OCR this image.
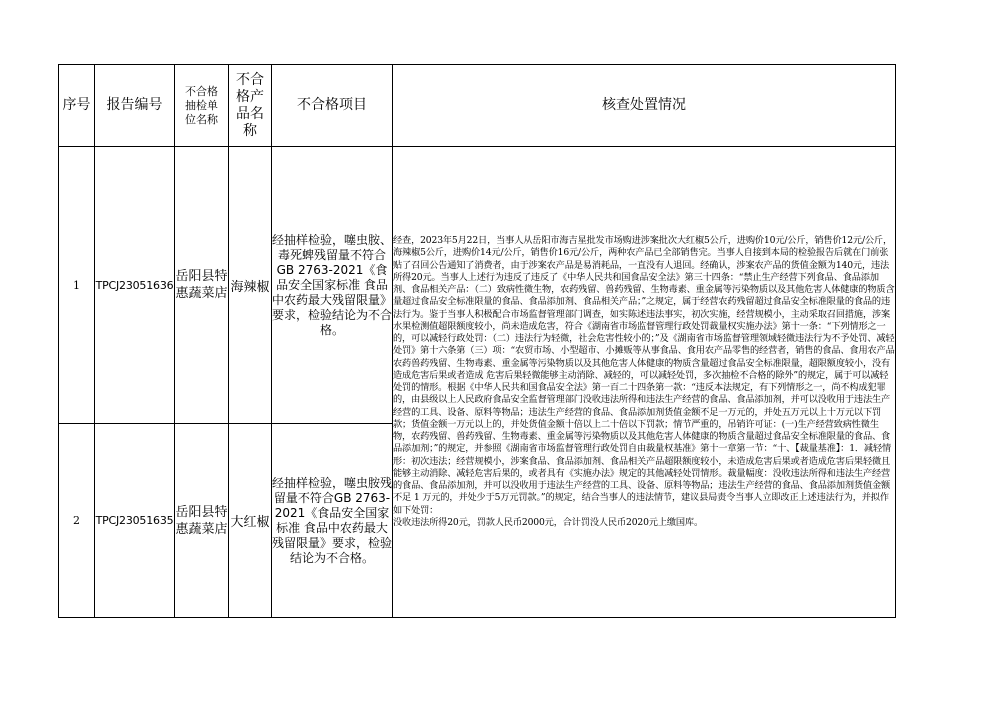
序号	报告编号	不合格抽检单位名称	不合格产品名称	不合格项目	核查处置情况
1	TPCJ23051636	岳阳县特惠蔬菜店	海辣椒	经抽样检验，噻虫胺、毒死蜱残留量不符合GB 2763-2021《食品安全国家标准 食品中农药最大残留限量》要求，检验结论为不合格。	经查，2023年5月22日，当事人从岳阳市海吉星批发市场购进涉案批次大红椒5公斤，进购价10元/公斤，销售价12元/公斤，海辣椒5公斤，进购价14元/公斤，销售价16元/公斤，两种农产品已全部销售完。当事人自接到本局的检验报告后就在门前张贴了召回公告通知了消费者，由于涉案农产品是易消耗品，一直没有人退回。经确认，涉案农产品的货值金额为140元，违法所得20元。当事人上述行为违反了违反了《中华人民共和国食品安全法》第三十四条：“禁止生产经营下列食品、食品添加剂、食品相关产品：（二）致病性微生物，农药残留、兽药残留、生物毒素、重金属等污染物质以及其他危害人体健康的物质含量超过食品安全标准限量的食品、食品添加剂、食品相关产品；”之规定，属于经营农药残留超过食品安全标准限量的食品的违法行为。鉴于当事人积极配合市场监督管理部门调查，如实陈述违法事实，初次实施，经营规模小，主动采取召回措施，涉案水果检测值超限额度较小，尚未造成危害，符合《湖南省市场监督管理行政处罚裁量权实施办法》第十一条：“下列情形之一的，可以减轻行政处罚：（二）违法行为轻微，社会危害性较小的；”及《湖南省市场监督管理领域轻微违法行为不予处罚、减轻处罚》第十六条第（三）项：“农贸市场、小型超市、小摊贩等从事食品、食用农产品零售的经营者，销售的食品、食用农产品农药兽药残留、生物毒素、重金属等污染物质以及其他危害人体健康的物质含量超过食品安全标准限量，超限额度较小，没有造成危害后果或者造成 危害后果轻微能够主动消除、减轻的，可以减轻处罚，多次抽检不合格的除外”的规定，属于可以减轻处罚的情形。根据《中华人民共和国食品安全法》第一百二十四条第一款：“违反本法规定，有下列情形之一，尚不构成犯罪的，由县级以上人民政府食品安全监督管理部门没收违法所得和违法生产经营的食品、食品添加剂，并可以没收用于违法生产经营的工具、设备、原料等物品；违法生产经营的食品、食品添加剂货值金额不足一万元的，并处五万元以上十万元以下罚款；货值金额一万元以上的，并处货值金额十倍以上二十倍以下罚款；情节严重的，吊销许可证：(一)生产经营致病性微生物，农药残留、兽药残留、生物毒素、重金属等污染物质以及其他危害人体健康的物质含量超过食品安全标准限量的食品、食品添加剂；”的规定，并参照《湖南省市场监督管理行政处罚自由裁量权基准》第十一章第一节：“十、【裁量基准】：1．减轻情形：初次违法；经营规模小，涉案食品、食品添加剂、食品相关产品超限额度较小，未造成危害后果或者造成危害后果轻微且能够主动消除、减轻危害后果的，或者具有《实施办法》规定的其他减轻处罚情形。裁量幅度：没收违法所得和违法生产经营的食品、食品添加剂，并可以没收用于违法生产经营的工具、设备、原料等物品；违法生产经营的食品、食品添加剂货值金额不足 1 万元的，并处少于5万元罚款。”的规定，结合当事人的违法情节，建议县局责令当事人立即改正上述违法行为，并拟作如下处罚：
没收违法所得20元，罚款人民币2000元，合计罚没人民币2020元上缴国库。

2	TPCJ23051635	岳阳县特惠蔬菜店	大红椒	经抽样检验，噻虫胺残留量不符合GB 2763-2021《食品安全国家标准 食品中农药最大残留限量》要求，检验结论为不合格。	
